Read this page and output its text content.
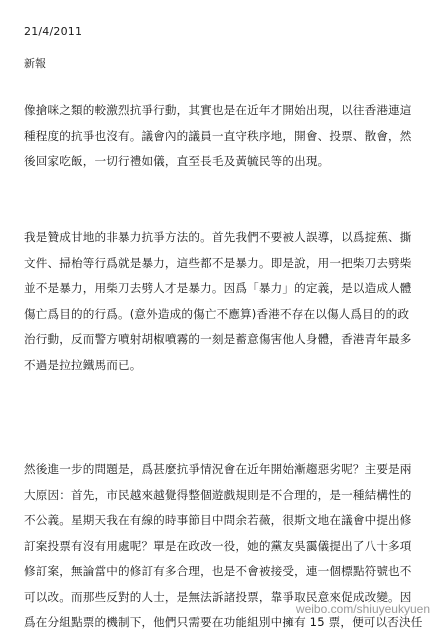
21/4/2011
新報
像搶咪之類的較激烈抗爭行動，其實也是在近年才開始出現，以往香港連這
種程度的抗爭也沒有。議會內的議員一直守秩序地，開會、投票、散會，然
後回家吃飯，一切行禮如儀，直至長毛及黃毓民等的出現。
我是贊成甘地的非暴力抗爭方法的。首先我們不要被人誤導，以爲掟蕉、撕
文件、掃枱等行爲就是暴力，這些都不是暴力。即是說，用一把柴刀去劈柴
並不是暴力，用柴刀去劈人才是暴力。因爲「暴力」的定義，是以造成人體
傷亡爲目的的行爲。(意外造成的傷亡不應算)香港不存在以傷人爲目的的政
治行動，反而警方噴射胡椒噴霧的一刻是蓄意傷害他人身體，香港青年最多
不過是拉拉鐵馬而已。
然後進一步的問題是，爲甚麼抗爭情況會在近年開始漸趨惡劣呢？主要是兩
大原因：首先，市民越來越覺得整個遊戲規則是不合理的，是一種結構性的
不公義。星期天我在有線的時事節目中問余若薇，很斯文地在議會中提出修
訂案投票有沒有用處呢？單是在政改一役，她的黨友吳靄儀提出了八十多項
修訂案，無論當中的修訂有多合理，也是不會被接受，連一個標點符號也不
可以改。而那些反對的人士，是無法訴諸投票，靠爭取民意來促成改變。因
爲在分組點票的機制下，他們只需要在功能組別中擁有 15 票，便可以否決任
weibo.com/shiuyeukyuen
